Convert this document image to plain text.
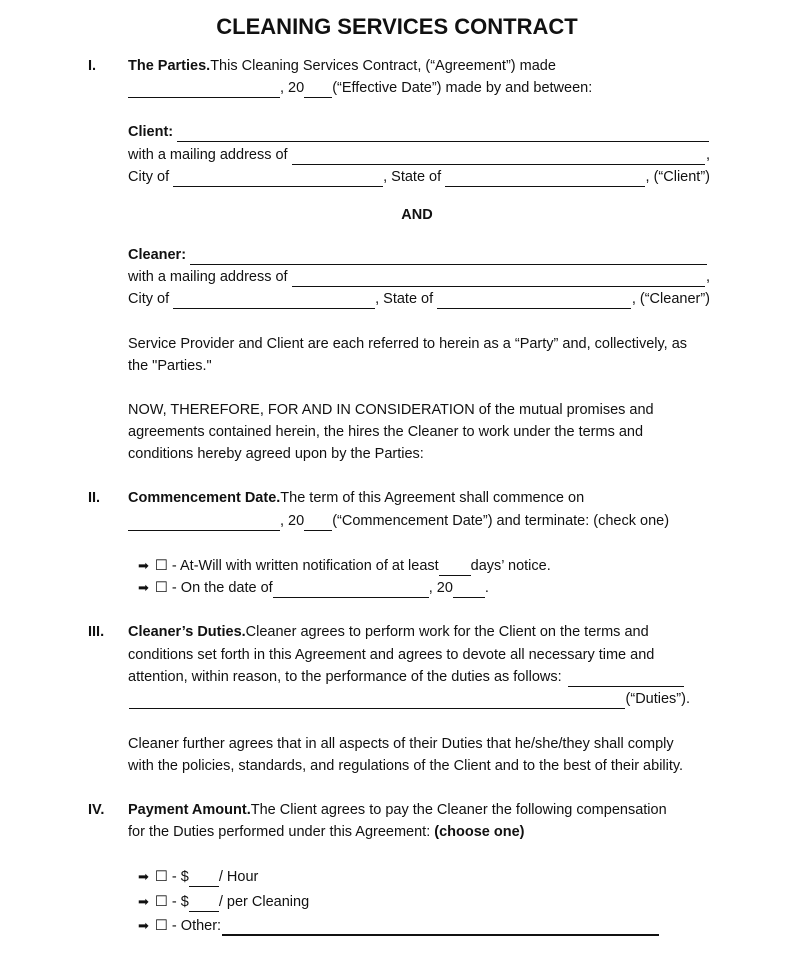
CLEANING SERVICES CONTRACT
I. The Parties. This Cleaning Services Contract, (“Agreement”) made
, 20 (“Effective Date”) made by and between:
Client:
with a mailing address of	,
City of	, State of	, (“Client”)
AND
Cleaner:
with a mailing address of	,
City of	, State of	, (“Cleaner”)
Service Provider and Client are each referred to herein as a “Party” and, collectively, as
the "Parties."
NOW, THEREFORE, FOR AND IN CONSIDERATION of the mutual promises and
agreements contained herein, the hires the Cleaner to work under the terms and
conditions hereby agreed upon by the Parties:
II. Commencement Date. The term of this Agreement shall commence on
, 20 (“Commencement Date”) and terminate: (check one)
➡ ☐ - At-Will with written notification of at least days’ notice.
➡ ☐ - On the date of	, 20 .
III. Cleaner’s Duties. Cleaner agrees to perform work for the Client on the terms and
conditions set forth in this Agreement and agrees to devote all necessary time and
attention, within reason, to the performance of the duties as follows:
(“Duties”).
Cleaner further agrees that in all aspects of their Duties that he/she/they shall comply
with the policies, standards, and regulations of the Client and to the best of their ability.
IV. Payment Amount. The Client agrees to pay the Cleaner the following compensation
for the Duties performed under this Agreement: (choose one)
➡ ☐ - $ / Hour
➡ ☐ - $ / per Cleaning
➡ ☐ - Other:
